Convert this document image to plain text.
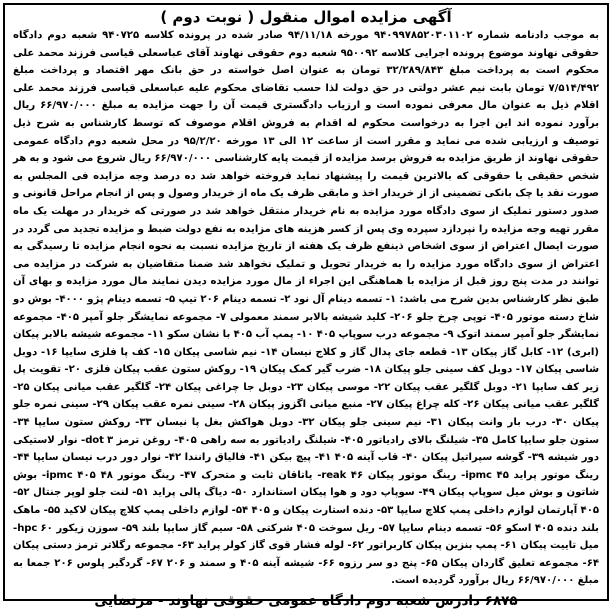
آگهی مزایده اموال منقول ( نوبت دوم )
به موجب دادنامه شماره ۹۴۰۹۹۷۸۵۲۰۳۰۱۱۰۲ مورخه ۹۴/۱۱/۱۸ صادر شده در پرونده کلاسه ۹۴۰۷۲۵ شعبه دوم دادگاه حقوقی نهاوند موضوع پرونده اجرایی کلاسه ۹۵۰۰۹۲ شعبه دوم حقوقی نهاوند آقای عباسعلی قیاسی فرزند محمد علی محکوم است به پرداخت مبلغ ۳۲/۲۸۹/۸۴۳ تومان به عنوان اصل خواسته در حق بانک مهر اقتصاد و پرداخت مبلغ ۷/۵۱۴/۴۹۲ تومان بابت نیم عشر دولتی در حق دولت لذا حسب تقاضای محکوم علیه عباسعلی قیاسی فرزند محمد علی اقلام ذیل به عنوان مال معرفی نموده است و ارزیاب دادگستری قیمت آن را جهت مزایده به مبلغ ۶۶/۹۷۰/۰۰۰ ریال برآورد نموده اند این اجرا به درخواست محکوم له اقدام به فروش اقلام موصوف که توسط کارشناس به شرح ذیل توصیف و ارزیابی شده می نماید و مقرر است از ساعت ۱۲ الی ۱۳ مورخه ۹۵/۲/۲۰ در محل شعبه دوم دادگاه عمومی حقوقی نهاوند از طریق مزایده به فروش برسد مزایده از قیمت پایه کارشناسی ۶۶/۹۷۰/۰۰۰ ریال شروع می شود و به هر شخص حقیقی یا حقوقی که بالاترین قیمت را پیشنهاد نماید فروخته خواهد شد ده درصد وجه مزایده فی المجلس به صورت نقد یا چک بانکی تضمینی از از خریدار اخذ و مابقی ظرف یک ماه از خریدار وصول و پس از انجام مراحل قانونی و صدور دستور تملیک از سوی دادگاه مورد مزایده به نام خریدار منتقل خواهد شد در صورتی که خریدار در مهلت یک ماه مقرر تهیه وجه مزایده را نپردازد سپرده وی پس از کسر هزینه های مزایده به نفع دولت ضبط و مزایده تجدید می گردد در صورت ایصال اعتراض از سوی اشخاص ذینفع ظرف یک هفته از تاریخ مزایده نسبت به نحوه انجام مزایده تا رسیدگی به اعتراض از سوی دادگاه مورد مزایده را به خریدار تحویل و تملیک نخواهد شد ضمنا متقاضیان به شرکت در مزایده می توانند در مدت پنج روز قبل از مزایده با هماهنگی این اجراء از مال مورد مزایده دیدن نمایند مال مورد مزایده و بهای آن طبق نظر کارشناس بدین شرح می باشد: ۱- تسمه دینام آل نود ۲- تسمه دینام ۲۰۶ تیپ ۵- تسمه دینام پژو ۴۰۰۰- بوش دو شاخ دسته موتور ۴۰۵- توپی چرخ جلو ۲۰۶- کلید شیشه بالابر سمند معمولی ۷- مجموعه نمایشگر جلو آمپر ۴۰۵- مجموعه نمایشگر جلو آمپر سمند اتوک ۹- مجموعه درب سوپاپ ۴۰۵ ۱۰- پمپ آب ۴۰۵ با نشان سکو ۱۱- مجموعه شیشه بالابر پیکان (ابری) ۱۲- کابل گاز پیکان ۱۳- قطعه جای پدال گاز و کلاج نیسان ۱۴- نیم شاسی پیکان ۱۵- کف پا فلزی سایپا ۱۶- دوبل شاسی پیکان ۱۷- دوبل کف سینی جلو پیکان ۱۸- ضرب گیر کمک پیکان ۱۹- روکش ستون عقب پیکان فلزی ۲۰- تقویت پل زیر کف سایپا ۲۱- دوبل گلگیر عقب پیکان ۲۲- موسی پیکان ۲۳- دوبل جا چراغی پیکان ۲۴- گلگیر عقب میانی پیکان ۲۵- گلگیر عقب میانی پیکان ۲۶- کله چراغ پیکان ۲۷- منبع میانی اگزوز پیکان ۲۸- سینی نمره عقب پیکان ۲۹- سینی نمره جلو پیکان ۳۰- درب بار وانت پیکان ۳۱- نیم سینی جلو پیکان ۳۲- دوبل هواکش بغل پا نیسان ۳۳- روکش ستون سایپا ۳۴- ستون جلو سایپا کامل ۳۵- شیلنگ بالای رادیاتور ۴۰۵- شیلنگ رادیاتور به سه راهی ۴۰۵- روغن ترمز dot ۳- نوار لاستیکی دور شیشه ۳۹- گوشه سپراتیل پیکان ۴۰- قاب آینه ۴۰۵ ۴۱- پیچ بیکن ۴۱- فالیاق رانندا ۴۲- نوار دور درب نیسان سایپا ۴۴- رینگ موتور پراید ipmc ۴۵- رینگ موتور پیکان reak ۴۶- یاتاقان ثابت و متحرک ۴۷- رینگ موتور ipmc ۴۰۵ ۴۸- بوش شاتون و بوش میل سوپاپ پیکان ۴۹- سوپاپ دود و هوا پیکان استاندارد ۵۰- دیاگ پالی پراید ۵۱- لنت جلو لوپر جنتال ۵۲- ۴۰۵ آپارتمان لوازم داخلی پمپ کلاچ سایپا ۵۳- دنده استارت پیکان و ۴۰۵ ۵۴- لوازم داخلی پمپ کلاچ پیکان لاکید ۵۵- ماهک بلند دنده ۴۰۵ اسکو ۵۶- تسمه دینام سایپا ۵۷- ریل سوخت ۴۰۵ شرکتی ۵۸- سیم گاز سایپا بلند ۵۹- سوزن زیکور hpc ۶۰- میل تاییت پیکان ۶۱- پمپ بنزین پیکان کاربراتور ۶۲- لوله فشار قوی گاز کولر پراید ۶۳- مجموعه رگلاتر ترمز دستی پیکان ۶۴- مجموعه تعلیق گاردان پیکان ۶۵- پنج دو سر رزوه ۶۶- شیشه آینه ۴۰۵ و سمند و ۲۰۶ ۶۷- گردگیر پلوس ۲۰۶ جمعا به مبلغ ۶۶/۹۷۰/۰۰۰ ریال برآورد گردیده است.
۶۸۷۵ دادرس شعبه دوم دادگاه عمومی حقوقی نهاوند - مرتضایی
